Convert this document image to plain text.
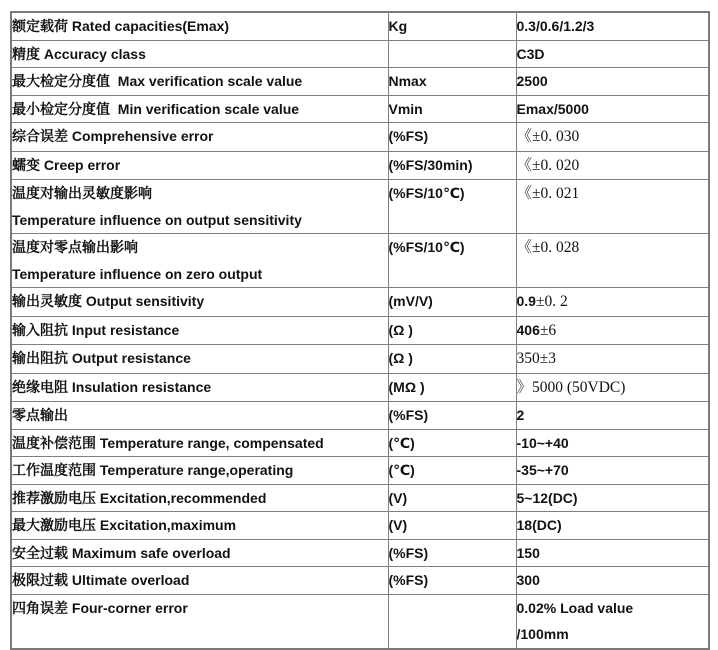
额定载荷 Rated capacities(Emax)	Kg	0.3/0.6/1.2/3

精度 Accuracy class		C3D

最大检定分度值  Max verification scale value	Nmax	2500

最小检定分度值  Min verification scale value	Vmin	Emax/5000

综合误差 Comprehensive error	(%FS)	《±0. 030

蠕变 Creep error	(%FS/30min)	《±0. 020

温度对输出灵敏度影响
Temperature influence on output sensitivity	(%FS/10℃)	《±0. 021

温度对零点输出影响
Temperature influence on zero output	(%FS/10℃)	《±0. 028

输出灵敏度 Output sensitivity	(mV/V)	0.9±0. 2

输入阻抗 Input resistance	(Ω )	406±6

输出阻抗 Output resistance	(Ω )	350±3

绝缘电阻 Insulation resistance	(MΩ )	》5000 (50VDC)

零点输出	(%FS)	2

温度补偿范围 Temperature range, compensated	(℃)	-10~+40

工作温度范围 Temperature range,operating	(℃)	-35~+70

推荐激励电压 Excitation,recommended	(V)	5~12(DC)

最大激励电压 Excitation,maximum	(V)	18(DC)

安全过载 Maximum safe overload	(%FS)	150

极限过载 Ultimate overload	(%FS)	300

四角误差 Four-corner error		0.02% Load value
/100mm
